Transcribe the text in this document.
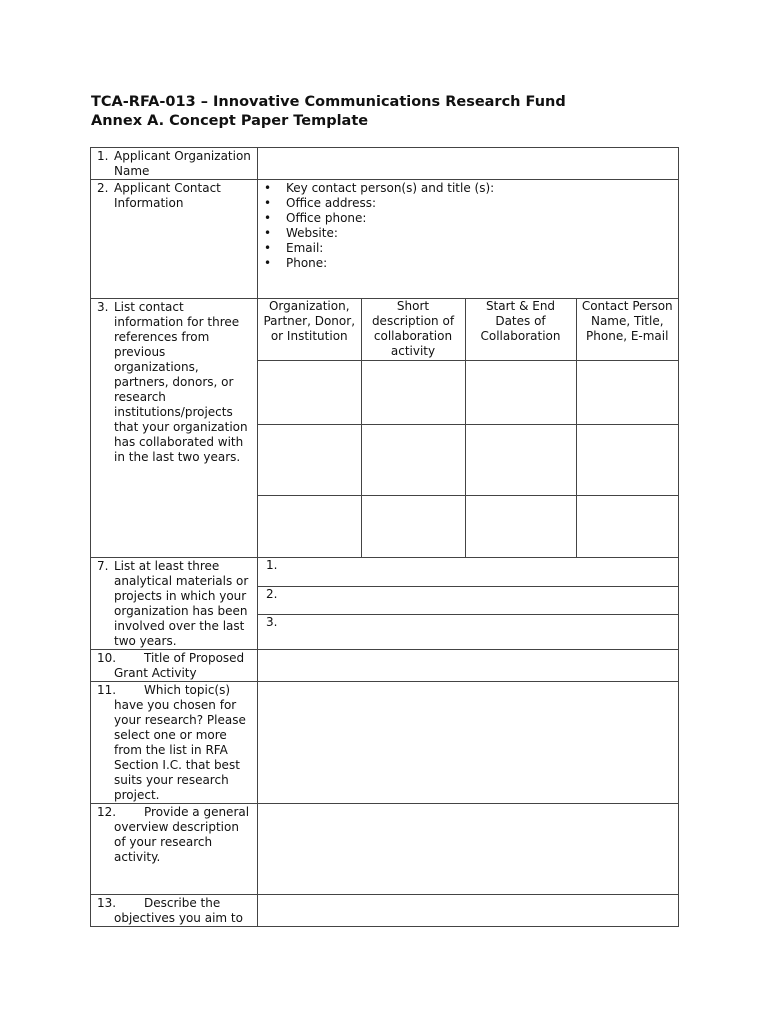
TCA-RFA-013 – Innovative Communications Research Fund
Annex A. Concept Paper Template
1. Applicant Organization Name

2. Applicant Contact Information

• Key contact person(s) and title (s):
• Office address:
• Office phone:
• Website:
• Email:
• Phone:

3. List contact information for three references from previous organizations, partners, donors, or research institutions/projects that your organization has collaborated with in the last two years.

Organization, Partner, Donor, or Institution	Short description of collaboration activity	Start & End Dates of Collaboration	Contact Person Name, Title, Phone, E-mail

7. List at least three analytical materials or projects in which your organization has been involved over the last two years.

1.
2.
3.

10. Title of Proposed Grant Activity

11. Which topic(s) have you chosen for your research? Please select one or more from the list in RFA Section I.C. that best suits your research project.

12. Provide a general overview description of your research activity.

13. Describe the objectives you aim to
